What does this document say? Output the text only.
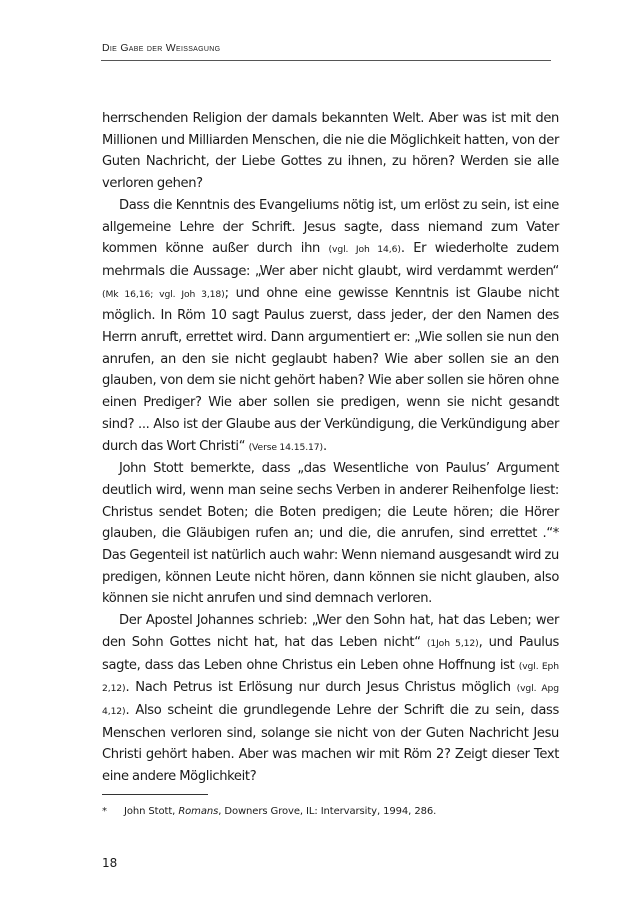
Die Gabe der Weissagung

herrschenden Religion der damals bekannten Welt. Aber was ist mit den Millionen und Milliarden Menschen, die nie die Möglichkeit hatten, von der Guten Nachricht, der Liebe Gottes zu ihnen, zu hören? Werden sie alle verloren gehen?

Dass die Kenntnis des Evangeliums nötig ist, um erlöst zu sein, ist eine allgemeine Lehre der Schrift. Jesus sagte, dass niemand zum Vater kommen könne außer durch ihn (vgl. Joh 14,6). Er wiederholte zudem mehrmals die Aussage: „Wer aber nicht glaubt, wird verdammt werden“ (Mk 16,16; vgl. Joh 3,18); und ohne eine gewisse Kenntnis ist Glaube nicht möglich. In Röm 10 sagt Paulus zuerst, dass jeder, der den Namen des Herrn anruft, errettet wird. Dann argumentiert er: „Wie sollen sie nun den anrufen, an den sie nicht geglaubt haben? Wie aber sollen sie an den glauben, von dem sie nicht gehört haben? Wie aber sollen sie hören ohne einen Prediger? Wie aber sollen sie predigen, wenn sie nicht gesandt sind? ... Also ist der Glaube aus der Verkündigung, die Verkündigung aber durch das Wort Christi“ (Verse 14.15.17).

John Stott bemerkte, dass „das Wesentliche von Paulus’ Argument deutlich wird, wenn man seine sechs Verben in anderer Reihenfolge liest: Christus sendet Boten; die Boten predigen; die Leute hören; die Hörer glauben, die Gläubigen rufen an; und die, die anrufen, sind errettet .“* Das Gegenteil ist natürlich auch wahr: Wenn niemand ausgesandt wird zu predigen, können Leute nicht hören, dann können sie nicht glauben, also können sie nicht anrufen und sind demnach verloren.

Der Apostel Johannes schrieb: „Wer den Sohn hat, hat das Leben; wer den Sohn Gottes nicht hat, hat das Leben nicht“ (1Joh 5,12), und Paulus sagte, dass das Leben ohne Christus ein Leben ohne Hoffnung ist (vgl. Eph 2,12). Nach Petrus ist Erlösung nur durch Jesus Christus möglich (vgl. Apg 4,12). Also scheint die grundlegende Lehre der Schrift die zu sein, dass Menschen verloren sind, solange sie nicht von der Guten Nachricht Jesu Christi gehört haben. Aber was machen wir mit Röm 2? Zeigt dieser Text eine andere Möglichkeit?

* John Stott, Romans, Downers Grove, IL: Intervarsity, 1994, 286.
18
